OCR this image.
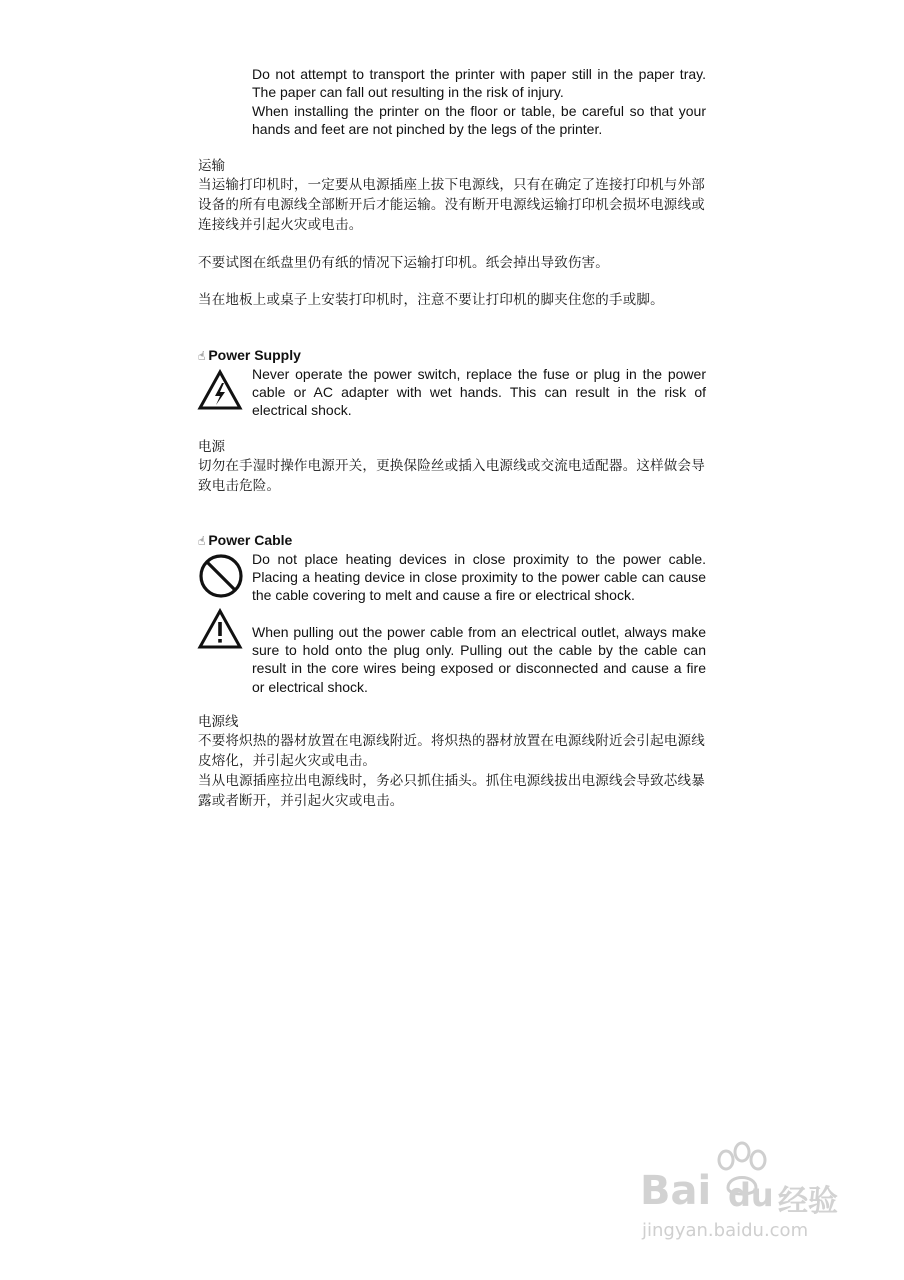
Do not attempt to transport the printer with paper still in the paper tray. The paper can fall out resulting in the risk of injury.

When installing the printer on the floor or table, be careful so that your hands and feet are not pinched by the legs of the printer.

运输

当运输打印机时，一定要从电源插座上拔下电源线，只有在确定了连接打印机与外部设备的所有电源线全部断开后才能运输。没有断开电源线运输打印机会损坏电源线或连接线并引起火灾或电击。

不要试图在纸盘里仍有纸的情况下运输打印机。纸会掉出导致伤害。

当在地板上或桌子上安装打印机时，注意不要让打印机的脚夹住您的手或脚。

☝ Power Supply

Never operate the power switch, replace the fuse or plug in the power cable or AC adapter with wet hands. This can result in the risk of electrical shock.

电源

切勿在手湿时操作电源开关，更换保险丝或插入电源线或交流电适配器。这样做会导致电击危险。

☝ Power Cable

Do not place heating devices in close proximity to the power cable. Placing a heating device in close proximity to the power cable can cause the cable covering to melt and cause a fire or electrical shock.

When pulling out the power cable from an electrical outlet, always make sure to hold onto the plug only. Pulling out the cable by the cable can result in the core wires being exposed or disconnected and cause a fire or electrical shock.

电源线

不要将炽热的器材放置在电源线附近。将炽热的器材放置在电源线附近会引起电源线皮熔化，并引起火灾或电击。

当从电源插座拉出电源线时，务必只抓住插头。抓住电源线拔出电源线会导致芯线暴露或者断开，并引起火灾或电击。

Bai du 经验
jingyan.baidu.com
